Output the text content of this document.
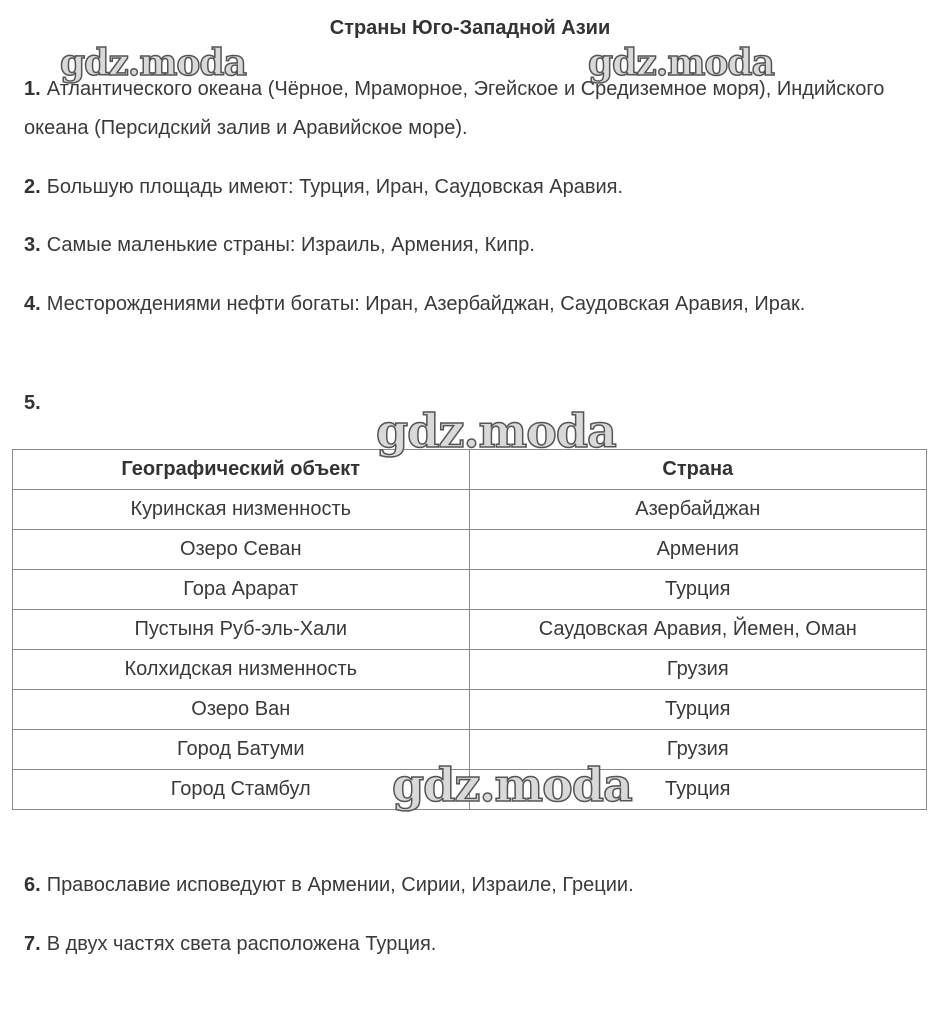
Страны Юго-Западной Азии
1. Атлантического океана (Чёрное, Мраморное, Эгейское и Средиземное моря), Индийского океана (Персидский залив и Аравийское море).
2. Большую площадь имеют: Турция, Иран, Саудовская Аравия.
3. Самые маленькие страны: Израиль, Армения, Кипр.
4. Месторождениями нефти богаты: Иран, Азербайджан, Саудовская Аравия, Ирак.
5.
Географический объект	Страна
Куринская низменность	Азербайджан
Озеро Севан	Армения
Гора Арарат	Турция
Пустыня Руб-эль-Хали	Саудовская Аравия, Йемен, Оман
Колхидская низменность	Грузия
Озеро Ван	Турция
Город Батуми	Грузия
Город Стамбул	Турция
6. Православие исповедуют в Армении, Сирии, Израиле, Греции.
7. В двух частях света расположена Турция.
gdz.moda	gdz.moda
gdz.moda
gdz.moda
